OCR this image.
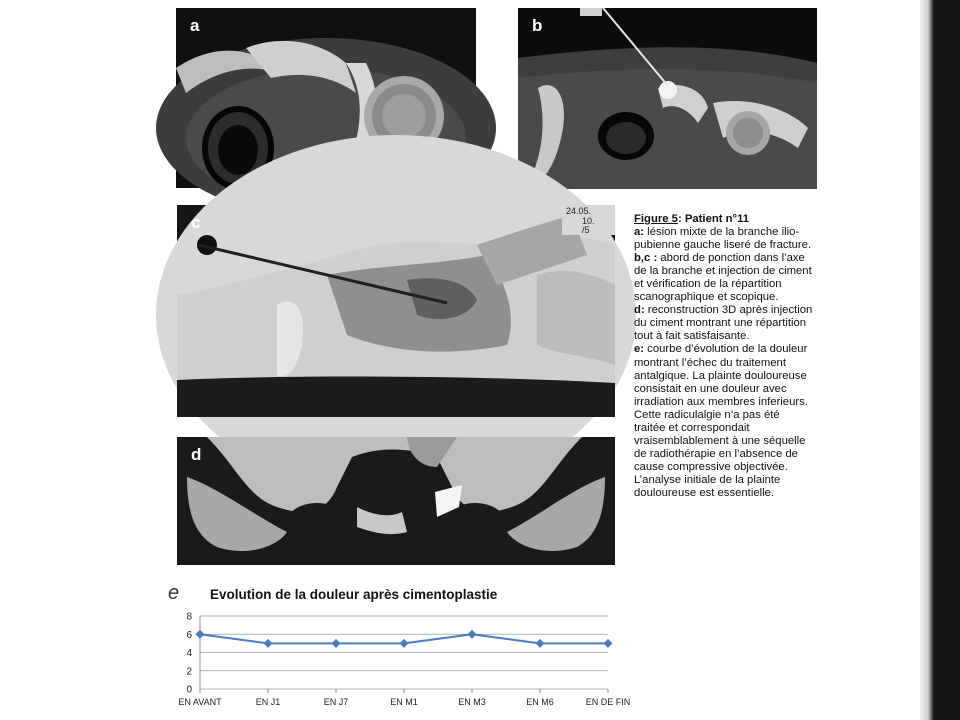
a	b
24.05.
10.
/5
c
d
Figure 5: Patient n°11
a: lésion mixte de la branche ilio-pubienne gauche liseré de fracture.
b,c : abord de ponction dans l’axe de la branche et injection de ciment et vérification de la répartition scanographique et scopique.
d: reconstruction 3D après injection du ciment montrant une répartition tout à fait satisfaisante.
e: courbe d’évolution de la douleur montrant l’échec du traitement antalgique. La plainte douloureuse consistait en une douleur avec irradiation aux membres inferieurs. Cette radiculalgie n’a pas été traitée et correspondait vraisemblablement à une séquelle de radiothérapie en l’absence de cause compressive objectivée. L’analyse initiale de la plainte douloureuse est essentielle.
e Evolution de la douleur après cimentoplastie
0
2
4
6
8
EN AVANT	EN J1	EN J7	EN M1	EN M3	EN M6	EN DE FIN
